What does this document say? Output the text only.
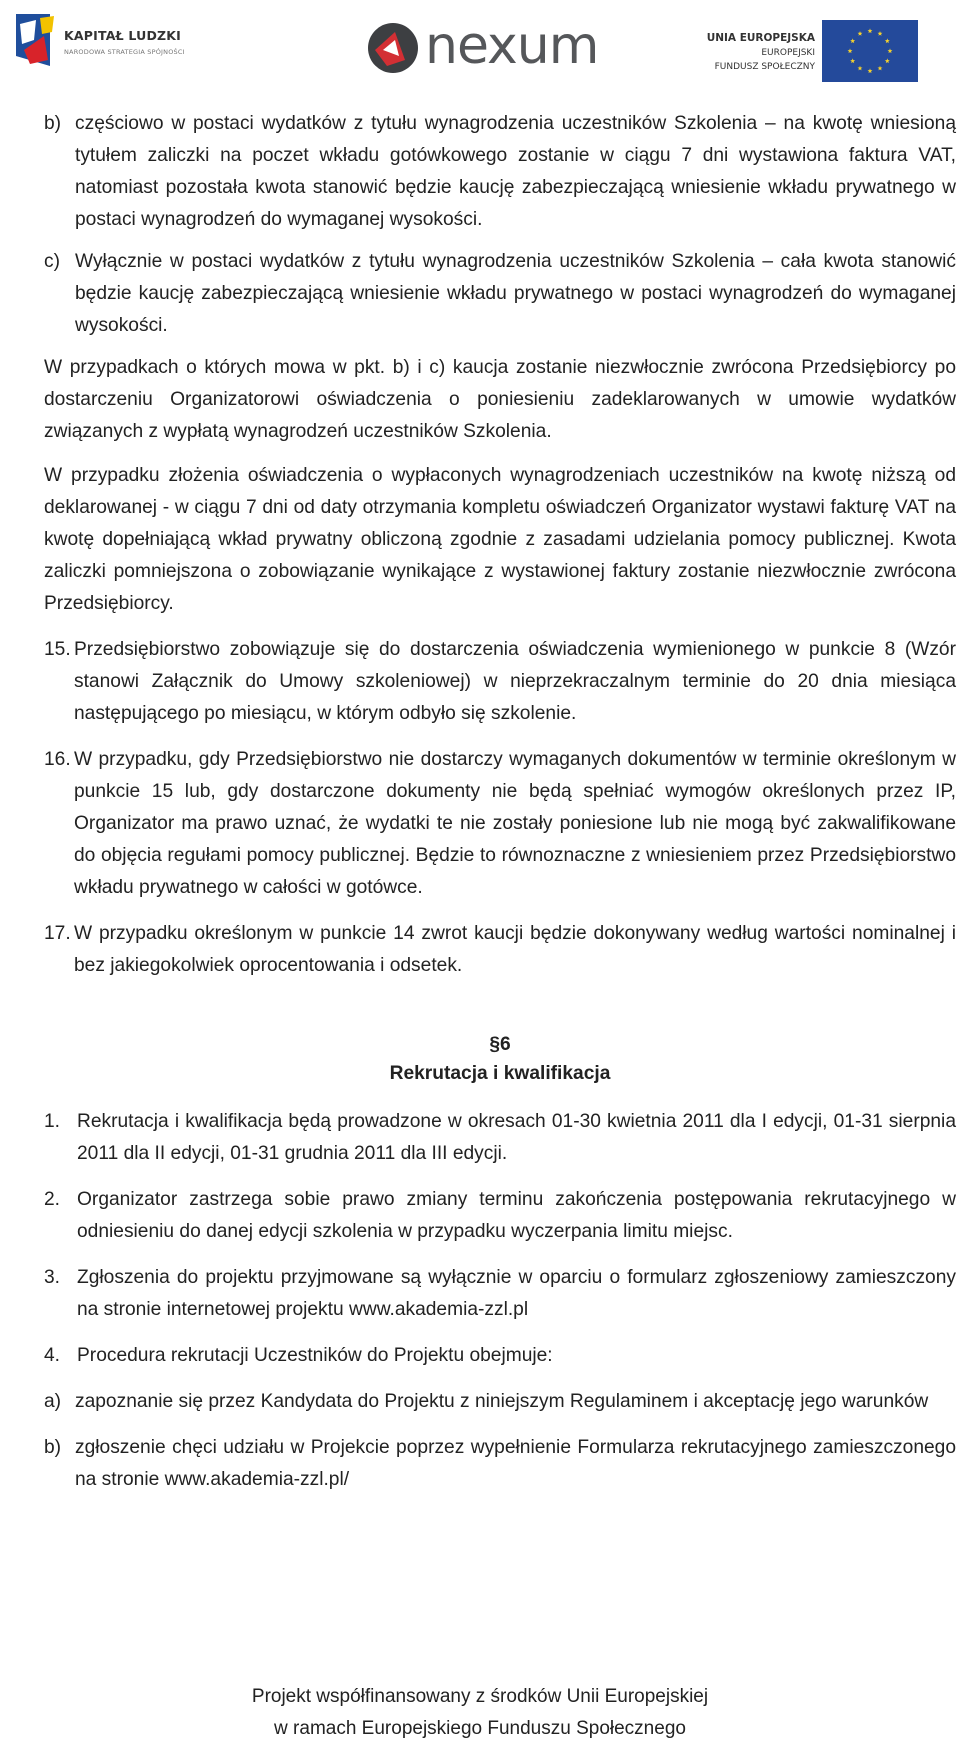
KAPITAŁ LUDZKI
NARODOWA STRATEGIA SPÓJNOŚCI	nexum	UNIA EUROPEJSKA
EUROPEJSKI
FUNDUSZ SPOŁECZNY
b) częściowo w postaci wydatków z tytułu wynagrodzenia uczestników Szkolenia – na kwotę wniesioną tytułem zaliczki na poczet wkładu gotówkowego zostanie w ciągu 7 dni wystawiona faktura VAT, natomiast pozostała kwota stanowić będzie kaucję zabezpieczającą wniesienie wkładu prywatnego w postaci wynagrodzeń do wymaganej wysokości.
c) Wyłącznie w postaci wydatków z tytułu wynagrodzenia uczestników Szkolenia – cała kwota stanowić będzie kaucję zabezpieczającą wniesienie wkładu prywatnego w postaci wynagrodzeń do wymaganej wysokości.

W przypadkach o których mowa w pkt. b) i c) kaucja zostanie niezwłocznie zwrócona Przedsiębiorcy po dostarczeniu Organizatorowi oświadczenia o poniesieniu zadeklarowanych w umowie wydatków związanych z wypłatą wynagrodzeń uczestników Szkolenia.

W przypadku złożenia oświadczenia o wypłaconych wynagrodzeniach uczestników na kwotę niższą od deklarowanej - w ciągu 7 dni od daty otrzymania kompletu oświadczeń Organizator wystawi fakturę VAT na kwotę dopełniającą wkład prywatny obliczoną zgodnie z zasadami udzielania pomocy publicznej. Kwota zaliczki pomniejszona o zobowiązanie wynikające z wystawionej faktury zostanie niezwłocznie zwrócona Przedsiębiorcy.

15. Przedsiębiorstwo zobowiązuje się do dostarczenia oświadczenia wymienionego w punkcie 8 (Wzór stanowi Załącznik do Umowy szkoleniowej) w nieprzekraczalnym terminie do 20 dnia miesiąca następującego po miesiącu, w którym odbyło się szkolenie.
16. W przypadku, gdy Przedsiębiorstwo nie dostarczy wymaganych dokumentów w terminie określonym w punkcie 15 lub, gdy dostarczone dokumenty nie będą spełniać wymogów określonych przez IP, Organizator ma prawo uznać, że wydatki te nie zostały poniesione lub nie mogą być zakwalifikowane do objęcia regułami pomocy publicznej. Będzie to równoznaczne z wniesieniem przez Przedsiębiorstwo wkładu prywatnego w całości w gotówce.
17. W przypadku określonym w punkcie 14 zwrot kaucji będzie dokonywany według wartości nominalnej i bez jakiegokolwiek oprocentowania i odsetek.
§6
Rekrutacja i kwalifikacja
1. Rekrutacja i kwalifikacja będą prowadzone w okresach 01-30 kwietnia 2011 dla I edycji, 01-31 sierpnia 2011 dla II edycji, 01-31 grudnia 2011 dla III edycji.
2. Organizator zastrzega sobie prawo zmiany terminu zakończenia postępowania rekrutacyjnego w odniesieniu do danej edycji szkolenia w przypadku wyczerpania limitu miejsc.
3. Zgłoszenia do projektu przyjmowane są wyłącznie w oparciu o formularz zgłoszeniowy zamieszczony na stronie internetowej projektu www.akademia-zzl.pl
4. Procedura rekrutacji Uczestników do Projektu obejmuje:
a) zapoznanie się przez Kandydata do Projektu z niniejszym Regulaminem i akceptację jego warunków
b) zgłoszenie chęci udziału w Projekcie poprzez wypełnienie Formularza rekrutacyjnego zamieszczonego na stronie www.akademia-zzl.pl/
Projekt współfinansowany z środków Unii Europejskiej
w ramach Europejskiego Funduszu Społecznego
